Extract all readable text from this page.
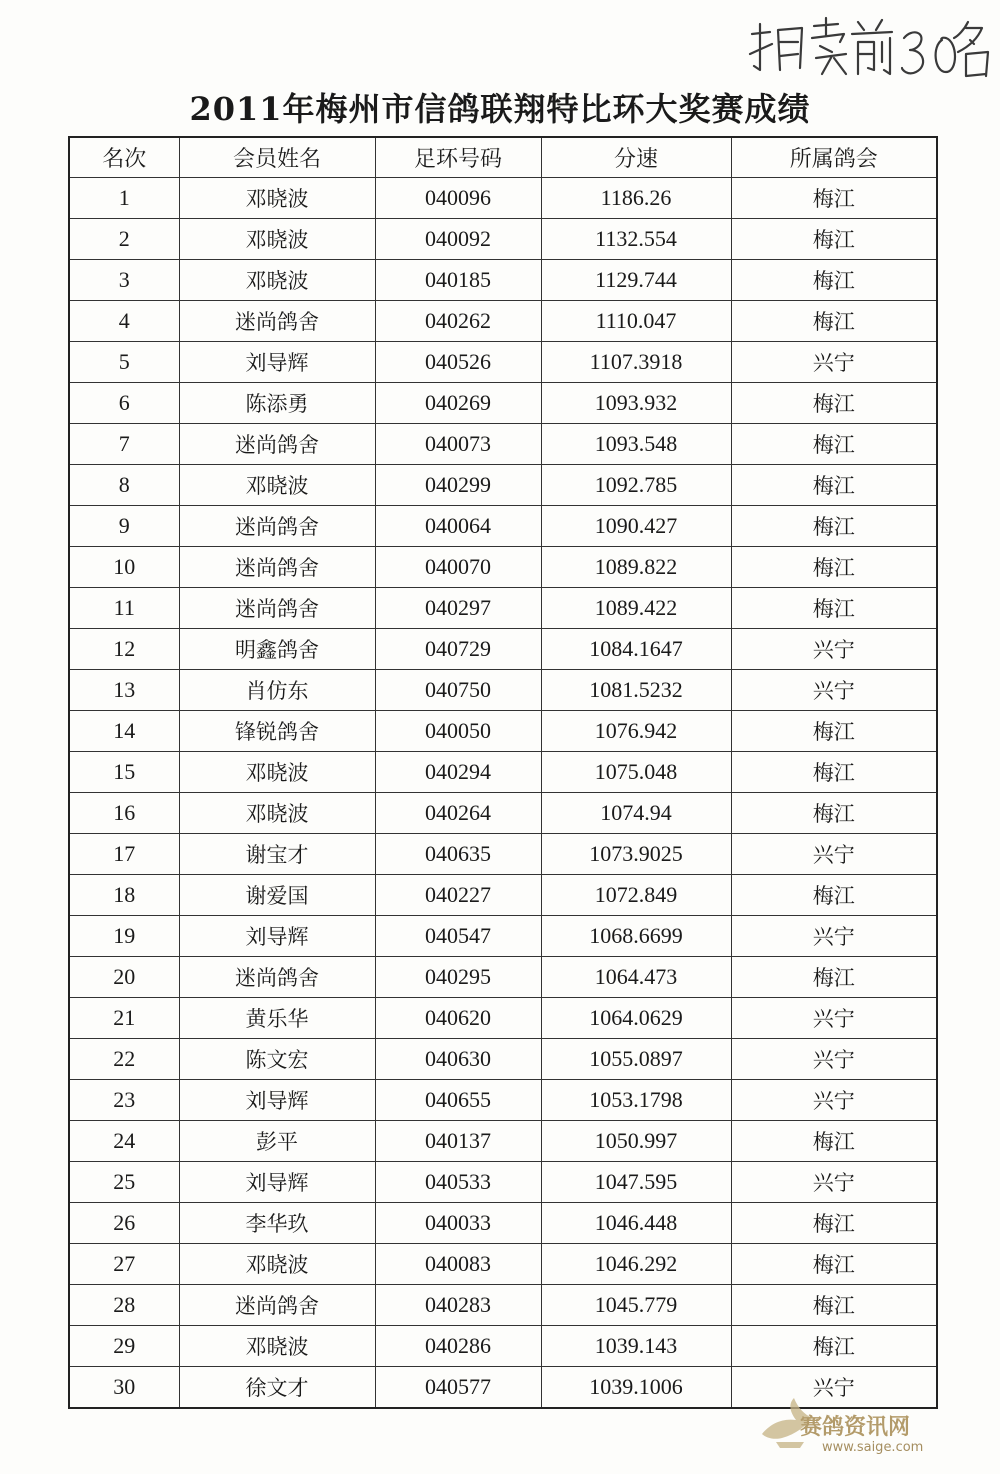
2011年梅州市信鸽联翔特比环大奖赛成绩
名次	会员姓名	足环号码	分速	所属鸽会
1	邓晓波	040096	1186.26	梅江
2	邓晓波	040092	1132.554	梅江
3	邓晓波	040185	1129.744	梅江
4	迷尚鸽舍	040262	1110.047	梅江
5	刘导辉	040526	1107.3918	兴宁
6	陈添勇	040269	1093.932	梅江
7	迷尚鸽舍	040073	1093.548	梅江
8	邓晓波	040299	1092.785	梅江
9	迷尚鸽舍	040064	1090.427	梅江
10	迷尚鸽舍	040070	1089.822	梅江
11	迷尚鸽舍	040297	1089.422	梅江
12	明鑫鸽舍	040729	1084.1647	兴宁
13	肖仿东	040750	1081.5232	兴宁
14	锋锐鸽舍	040050	1076.942	梅江
15	邓晓波	040294	1075.048	梅江
16	邓晓波	040264	1074.94	梅江
17	谢宝才	040635	1073.9025	兴宁
18	谢爱国	040227	1072.849	梅江
19	刘导辉	040547	1068.6699	兴宁
20	迷尚鸽舍	040295	1064.473	梅江
21	黄乐华	040620	1064.0629	兴宁
22	陈文宏	040630	1055.0897	兴宁
23	刘导辉	040655	1053.1798	兴宁
24	彭平	040137	1050.997	梅江
25	刘导辉	040533	1047.595	兴宁
26	李华玖	040033	1046.448	梅江
27	邓晓波	040083	1046.292	梅江
28	迷尚鸽舍	040283	1045.779	梅江
29	邓晓波	040286	1039.143	梅江
30	徐文才	040577	1039.1006	兴宁
赛鸽资讯网
www.saige.com
